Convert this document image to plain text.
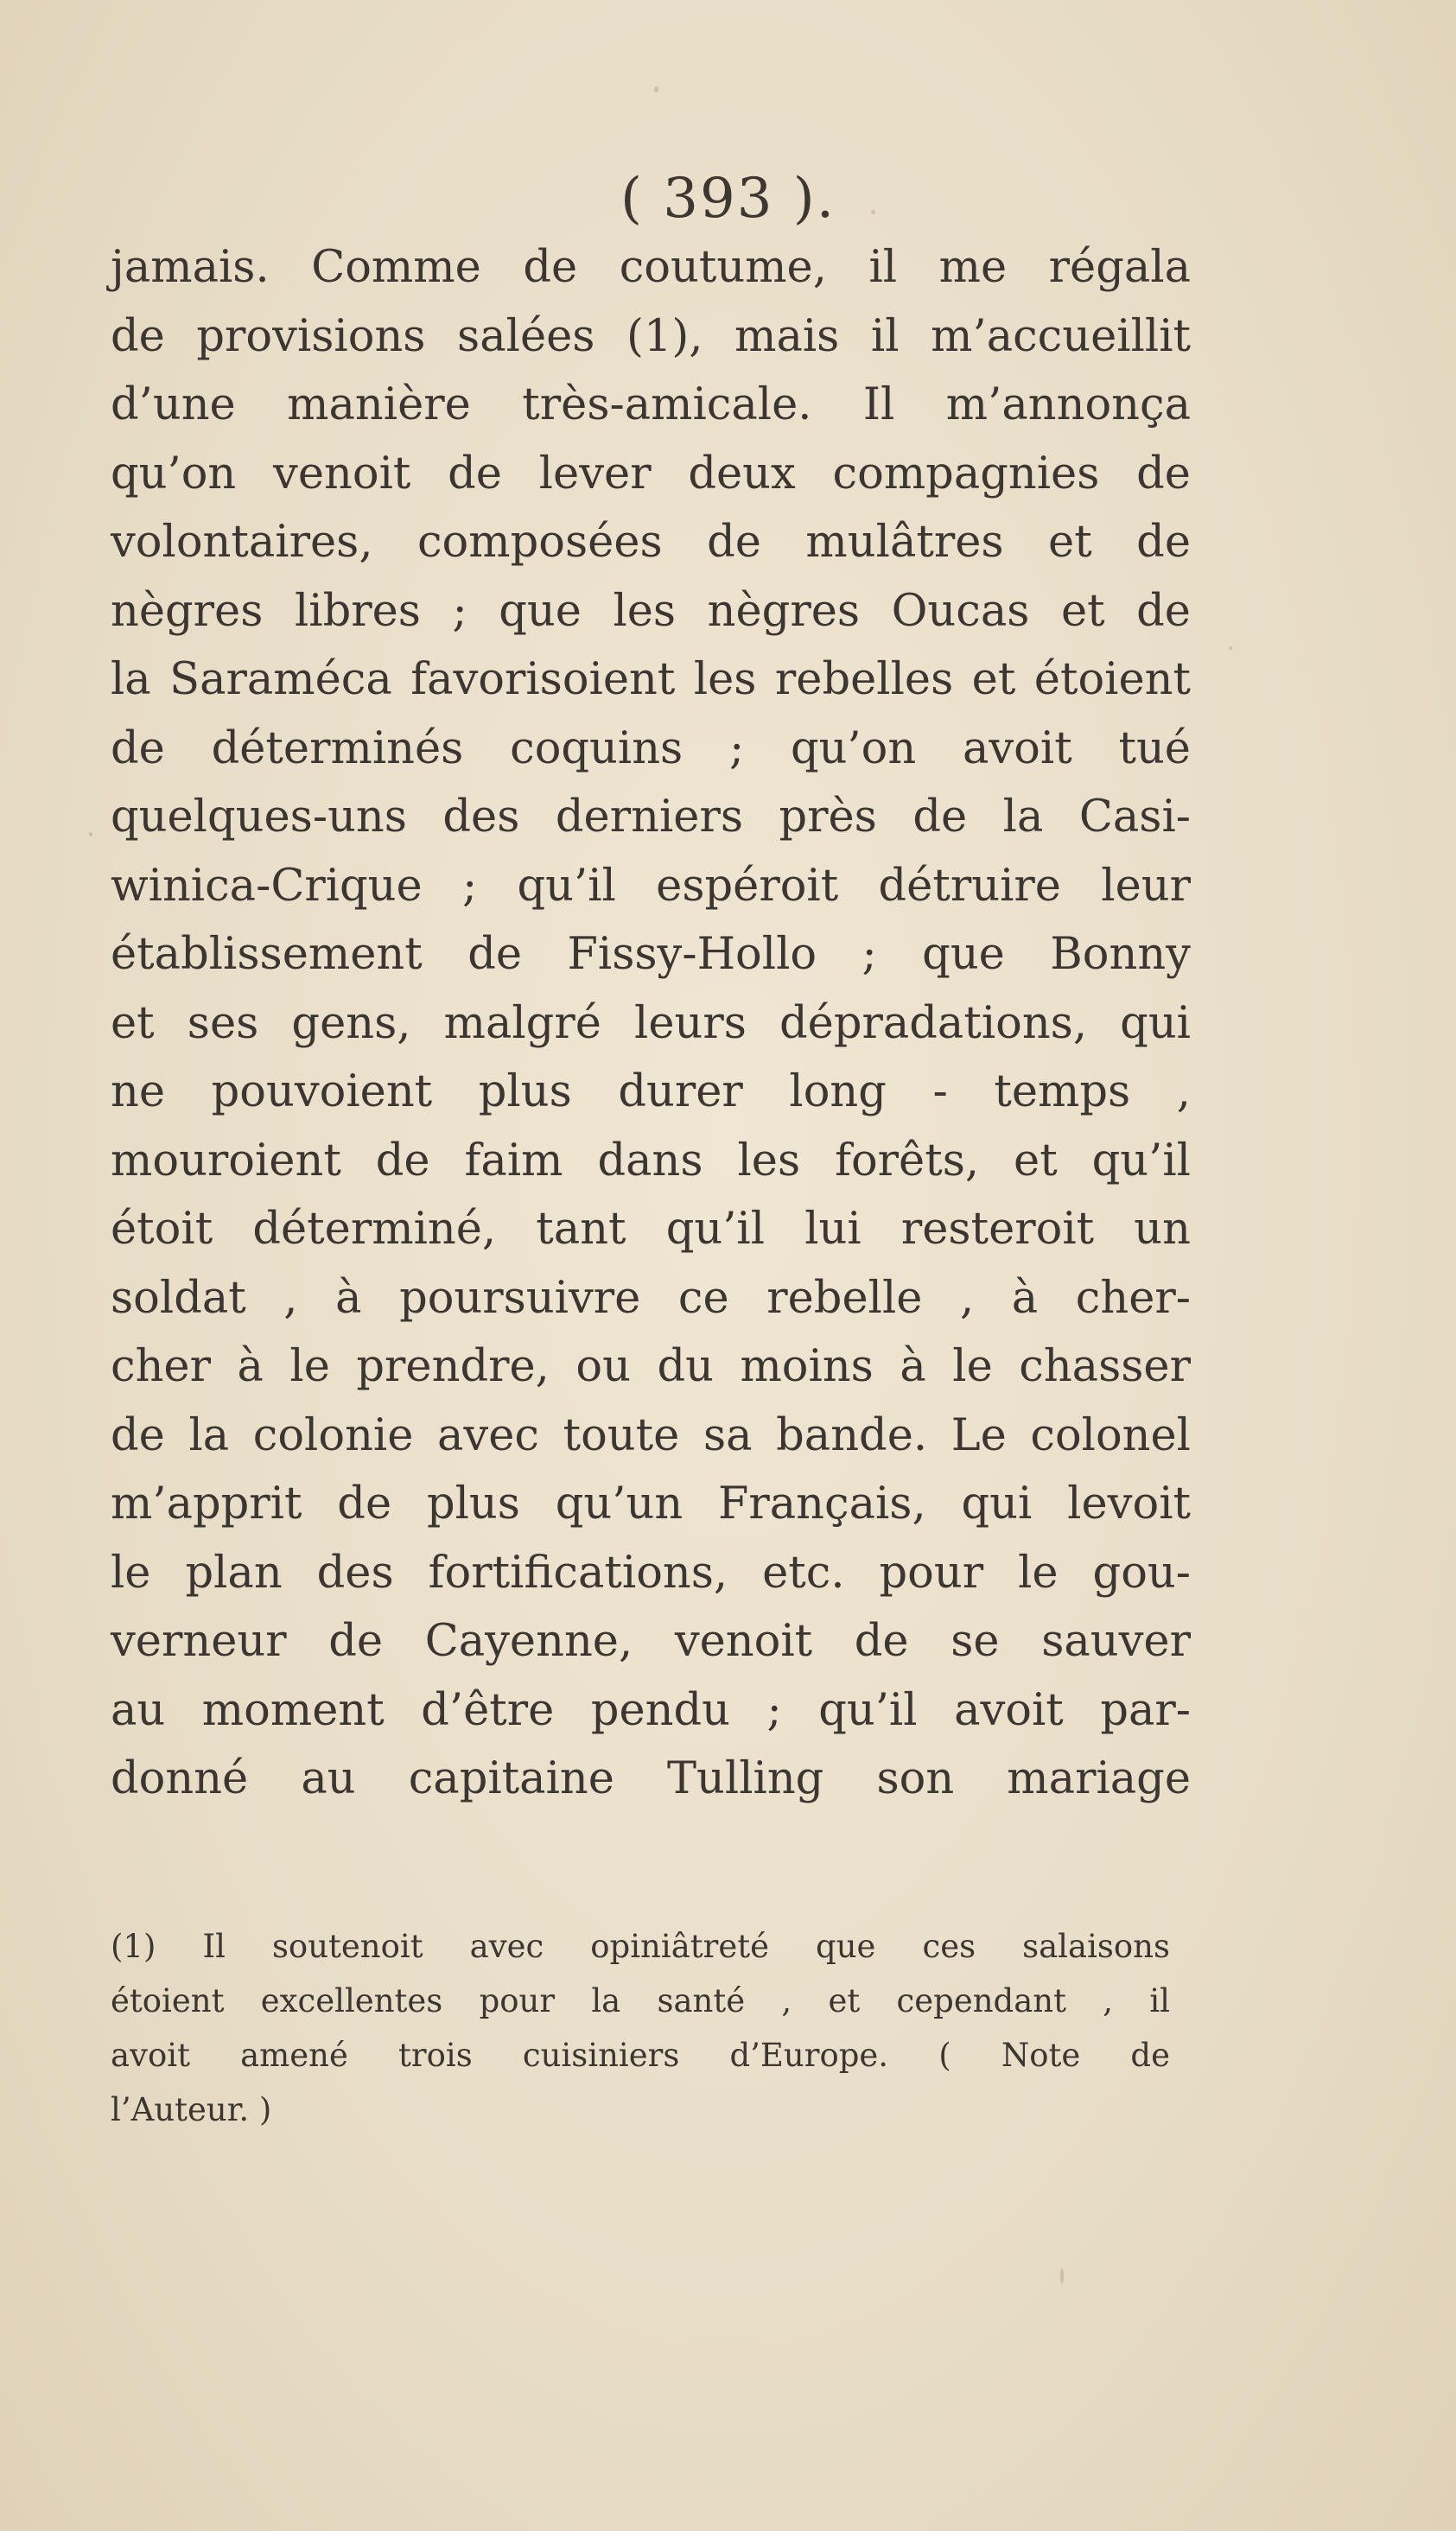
( 393 ).
jamais. Comme de coutume, il me régala
de provisions salées (1), mais il m’accueillit
d’une manière très-amicale. Il m’annonça
qu’on venoit de lever deux compagnies de
volontaires, composées de mulâtres et de
nègres libres ; que les nègres Oucas et de
la Saraméca favorisoient les rebelles et étoient
de déterminés coquins ; qu’on avoit tué
quelques-uns des derniers près de la Casi-
winica-Crique ; qu’il espéroit détruire leur
établissement de Fissy-Hollo ; que Bonny
et ses gens, malgré leurs dépradations, qui
ne pouvoient plus durer long - temps ,
mouroient de faim dans les forêts, et qu’il
étoit déterminé, tant qu’il lui resteroit un
soldat , à poursuivre ce rebelle , à cher-
cher à le prendre, ou du moins à le chasser
de la colonie avec toute sa bande. Le colonel
m’apprit de plus qu’un Français, qui levoit
le plan des fortifications, etc. pour le gou-
verneur de Cayenne, venoit de se sauver
au moment d’être pendu ; qu’il avoit par-
donné au capitaine Tulling son mariage
(1) Il soutenoit avec opiniâtreté que ces salaisons
étoient excellentes pour la santé , et cependant , il
avoit amené trois cuisiniers d’Europe. ( Note de
l’Auteur. )
